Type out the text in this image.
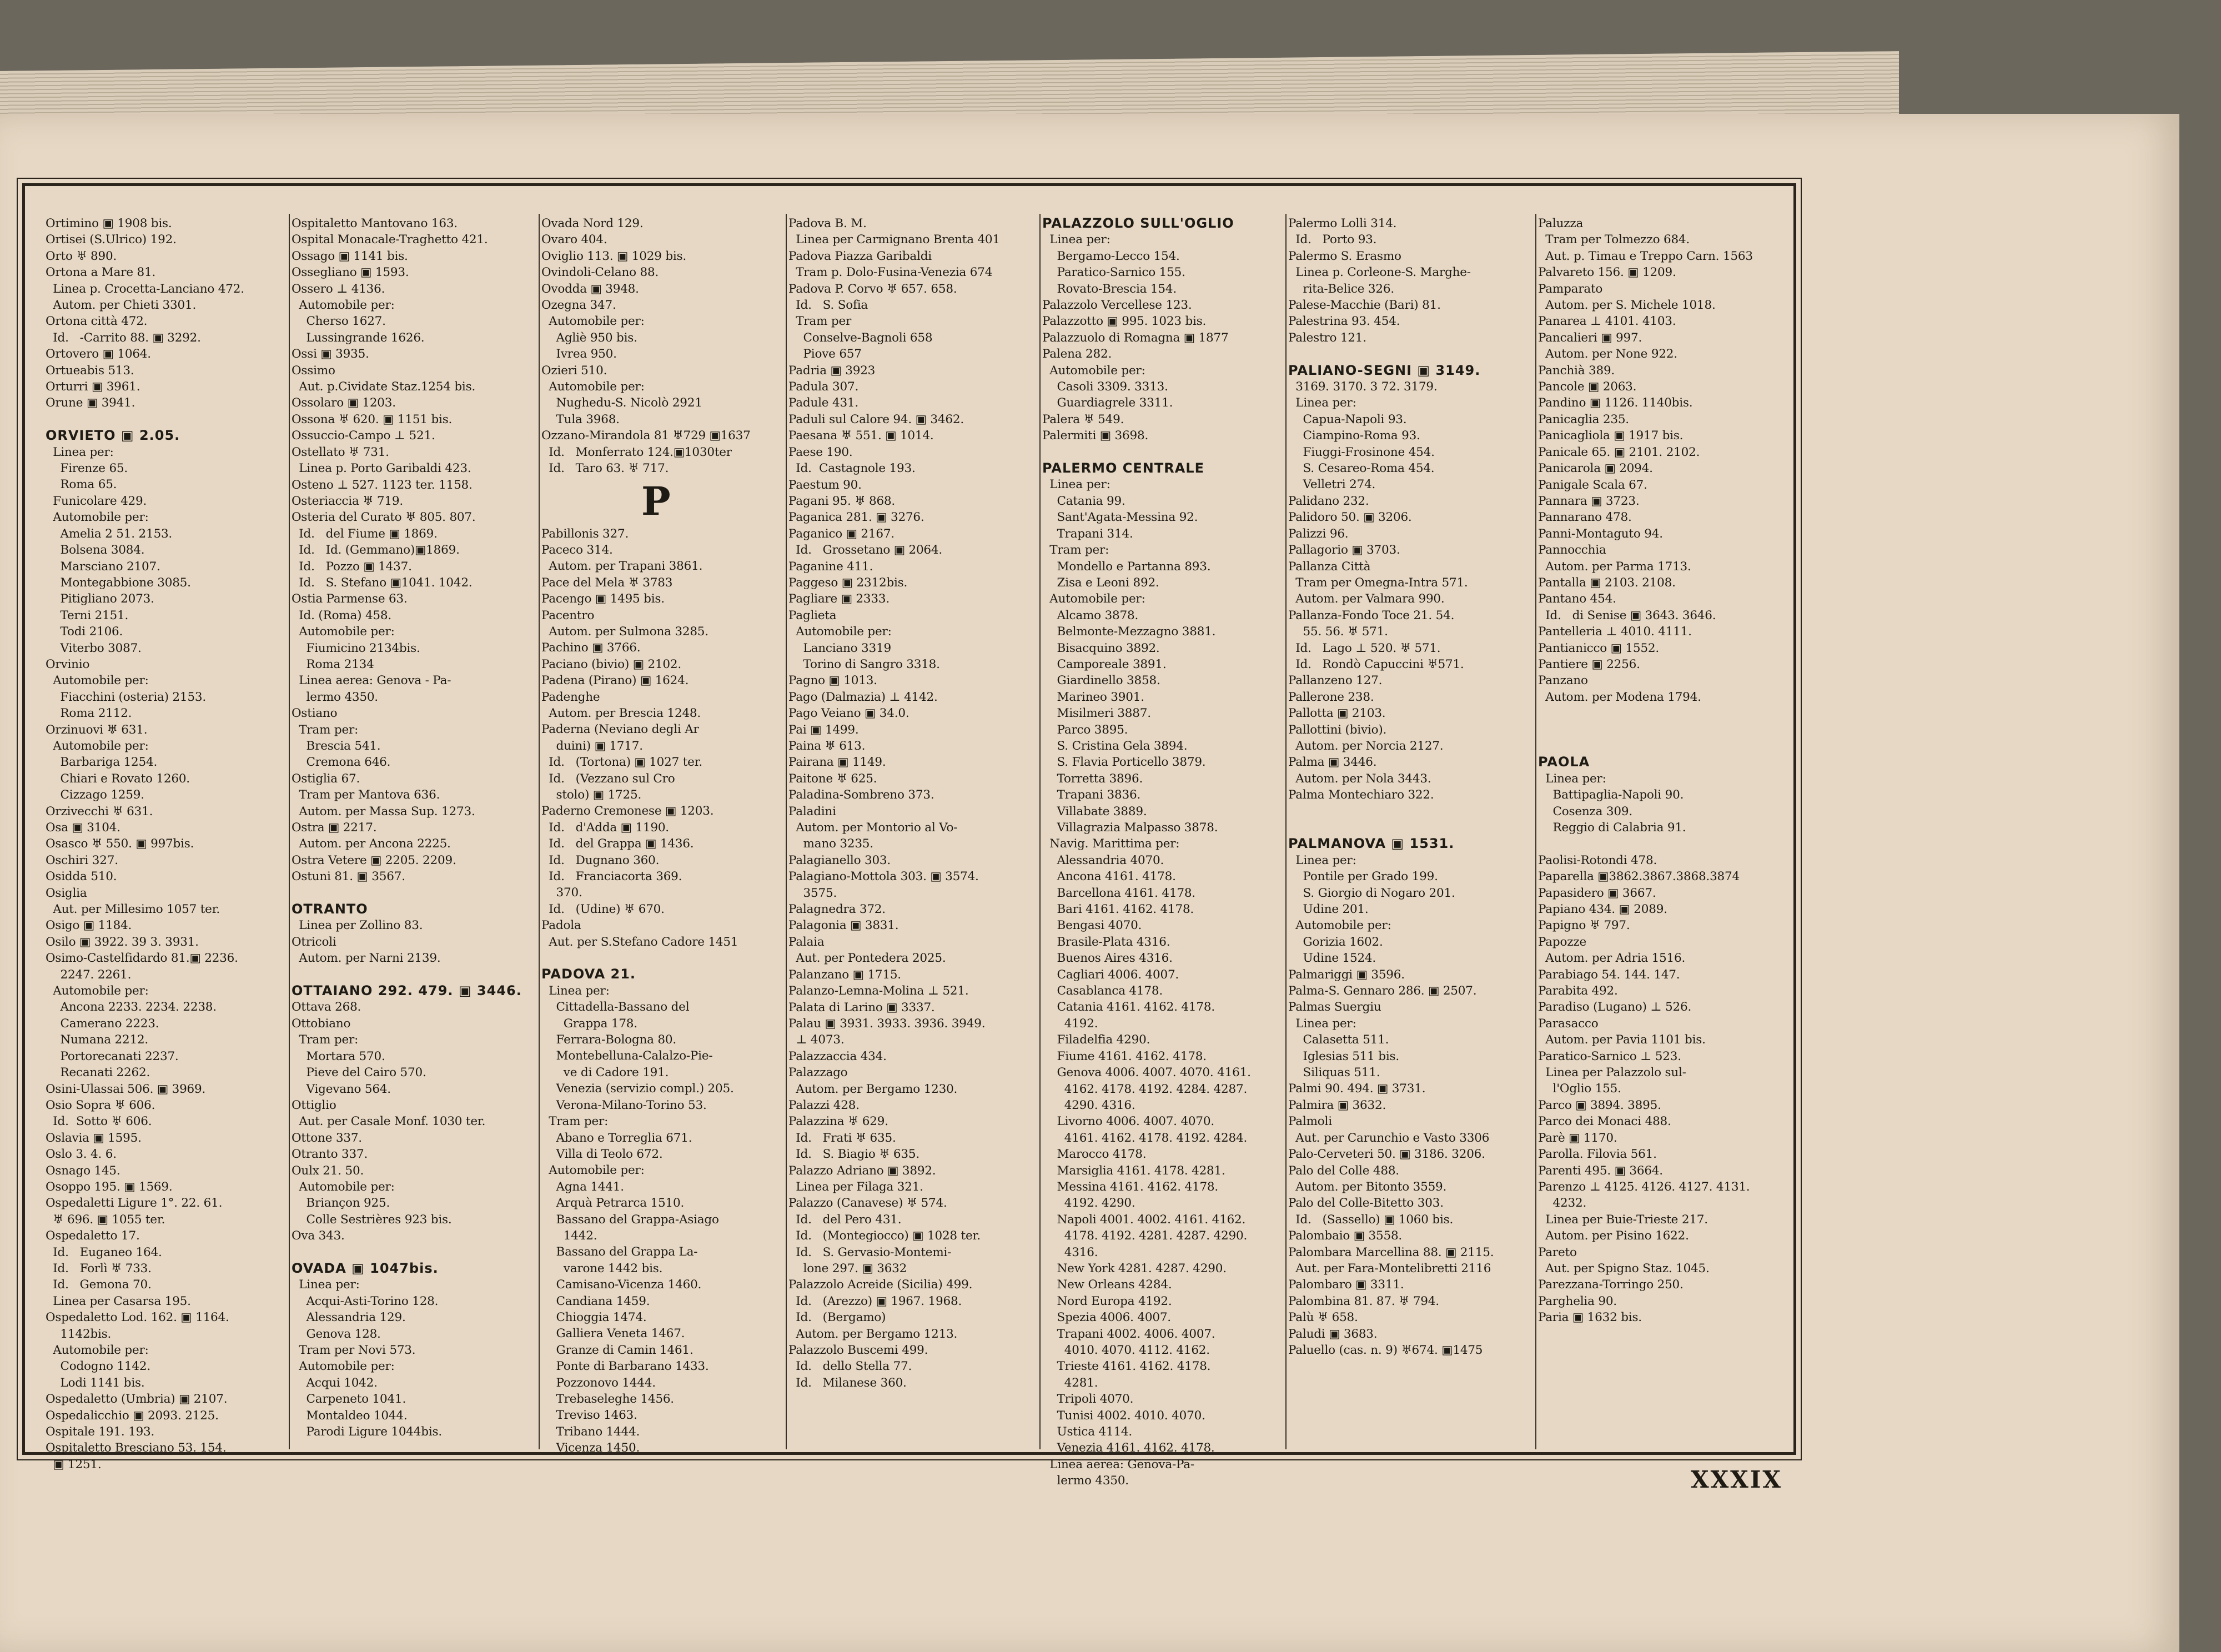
Ortimino ▣ 1908 bis.
Ortisei (S.Ulrico) 192.
Orto ♅ 890.
Ortona a Mare 81.
Linea p. Crocetta-Lanciano 472.
Autom. per Chieti 3301.
Ortona città 472.
Id.   -Carrito 88. ▣ 3292.
Ortovero ▣ 1064.
Ortueabis 513.
Orturri ▣ 3961.
Orune ▣ 3941.
ORVIETO ▣ 2.05.
Linea per:
Firenze 65.
Roma 65.
Funicolare 429.
Automobile per:
Amelia 2 51. 2153.
Bolsena 3084.
Marsciano 2107.
Montegabbione 3085.
Pitigliano 2073.
Terni 2151.
Todi 2106.
Viterbo 3087.
Orvinio
Automobile per:
Fiacchini (osteria) 2153.
Roma 2112.
Orzinuovi ♅ 631.
Automobile per:
Barbariga 1254.
Chiari e Rovato 1260.
Cizzago 1259.
Orzivecchi ♅ 631.
Osa ▣ 3104.
Osasco ♅ 550. ▣ 997bis.
Oschiri 327.
Osidda 510.
Osiglia
Aut. per Millesimo 1057 ter.
Osigo ▣ 1184.
Osilo ▣ 3922. 39 3. 3931.
Osimo-Castelfidardo 81.▣ 2236.
2247. 2261.
Automobile per:
Ancona 2233. 2234. 2238.
Camerano 2223.
Numana 2212.
Portorecanati 2237.
Recanati 2262.
Osini-Ulassai 506. ▣ 3969.
Osio Sopra ♅ 606.
Id.  Sotto ♅ 606.
Oslavia ▣ 1595.
Oslo 3. 4. 6.
Osnago 145.
Osoppo 195. ▣ 1569.
Ospedaletti Ligure 1°. 22. 61.
♅ 696. ▣ 1055 ter.
Ospedaletto 17.
Id.   Euganeo 164.
Id.   Forlì ♅ 733.
Id.   Gemona 70.
Linea per Casarsa 195.
Ospedaletto Lod. 162. ▣ 1164.
1142bis.
Automobile per:
Codogno 1142.
Lodi 1141 bis.
Ospedaletto (Umbria) ▣ 2107.
Ospedalicchio ▣ 2093. 2125.
Ospitale 191. 193.
Ospitaletto Bresciano 53. 154.
▣ 1251.
Ospitaletto Mantovano 163.
Ospital Monacale-Traghetto 421.
Ossago ▣ 1141 bis.
Osseglianо ▣ 1593.
Ossero ⊥ 4136.
Automobile per:
Cherso 1627.
Lussingrande 1626.
Ossi ▣ 3935.
Ossimo
Aut. p.Cividate Staz.1254 bis.
Ossolaro ▣ 1203.
Ossona ♅ 620. ▣ 1151 bis.
Ossuccio-Campo ⊥ 521.
Ostellato ♅ 731.
Linea p. Porto Garibaldi 423.
Osteno ⊥ 527. 1123 ter. 1158.
Osteriaccia ♅ 719.
Osteria del Curato ♅ 805. 807.
Id.   del Fiume ▣ 1869.
Id.   Id. (Gemmano)▣1869.
Id.   Pozzo ▣ 1437.
Id.   S. Stefano ▣1041. 1042.
Ostia Parmense 63.
Id. (Roma) 458.
Automobile per:
Fiumicino 2134bis.
Roma 2134
Linea aerea: Genova - Pa-
lermo 4350.
Ostiano
Tram per:
Brescia 541.
Cremona 646.
Ostiglia 67.
Tram per Mantova 636.
Autom. per Massa Sup. 1273.
Ostra ▣ 2217.
Autom. per Ancona 2225.
Ostra Vetere ▣ 2205. 2209.
Ostuni 81. ▣ 3567.
OTRANTO
Linea per Zollino 83.
Otricoli
Autom. per Narni 2139.
OTTAIANO 292. 479. ▣ 3446.
Ottava 268.
Ottobiano
Tram per:
Mortara 570.
Pieve del Cairo 570.
Vigevano 564.
Ottiglio
Aut. per Casale Monf. 1030 ter.
Ottone 337.
Otranto 337.
Oulx 21. 50.
Automobile per:
Briançon 925.
Colle Sestrières 923 bis.
Ova 343.
OVADA ▣ 1047bis.
Linea per:
Acqui-Asti-Torino 128.
Alessandria 129.
Genova 128.
Tram per Novi 573.
Automobile per:
Acqui 1042.
Carpeneto 1041.
Montaldeo 1044.
Parodi Ligure 1044bis.
Ovada Nord 129.
Ovaro 404.
Oviglio 113. ▣ 1029 bis.
Ovindoli-Celano 88.
Ovodda ▣ 3948.
Ozegna 347.
Automobile per:
Agliè 950 bis.
Ivrea 950.
Ozieri 510.
Automobile per:
Nughedu-S. Nicolò 2921
Tula 3968.
Ozzano-Mirandola 81 ♅729 ▣1637
Id.   Monferrato 124.▣1030ter
Id.   Taro 63. ♅ 717.
P
Pabillonis 327.
Paceco 314.
Autom. per Trapani 3861.
Pace del Mela ♅ 3783
Pacengo ▣ 1495 bis.
Pacentro
Autom. per Sulmona 3285.
Pachino ▣ 3766.
Paciano (bivio) ▣ 2102.
Padena (Pirano) ▣ 1624.
Padenghe
Autom. per Brescia 1248.
Paderna (Neviano degli Ar
duini) ▣ 1717.
Id.   (Tortona) ▣ 1027 ter.
Id.   (Vezzano sul Cro
stolo) ▣ 1725.
Paderno Cremonese ▣ 1203.
Id.   d'Adda ▣ 1190.
Id.   del Grappa ▣ 1436.
Id.   Dugnano 360.
Id.   Franciacorta 369.
370.
Id.   (Udine) ♅ 670.
Padola
Aut. per S.Stefano Cadore 1451
PADOVA 21.
Linea per:
Cittadella-Bassano del
Grappa 178.
Ferrara-Bologna 80.
Montebelluna-Calalzo-Pie-
ve di Cadore 191.
Venezia (servizio compl.) 205.
Verona-Milano-Torino 53.
Tram per:
Abano e Torreglia 671.
Villa di Teolo 672.
Automobile per:
Agna 1441.
Arquà Petrarca 1510.
Bassano del Grappa-Asiago
1442.
Bassano del Grappa La-
varone 1442 bis.
Camisano-Vicenza 1460.
Candiana 1459.
Chioggia 1474.
Galliera Veneta 1467.
Granze di Camin 1461.
Ponte di Barbarano 1433.
Pozzonovo 1444.
Trebaseleghe 1456.
Treviso 1463.
Tribano 1444.
Vicenza 1450.
Padova B. M.
Linea per Carmignano Brenta 401
Padova Piazza Garibaldi
Tram p. Dolo-Fusina-Venezia 674
Padova P. Corvo ♅ 657. 658.
Id.   S. Sofia
Tram per
Conselve-Bagnoli 658
Piove 657
Padria ▣ 3923
Padula 307.
Padule 431.
Paduli sul Calore 94. ▣ 3462.
Paesana ♅ 551. ▣ 1014.
Paese 190.
Id.  Castagnole 193.
Paestum 90.
Pagani 95. ♅ 868.
Paganica 281. ▣ 3276.
Paganico ▣ 2167.
Id.   Grossetano ▣ 2064.
Paganine 411.
Paggeso ▣ 2312bis.
Pagliare ▣ 2333.
Paglieta
Automobile per:
Lanciano 3319
Torino di Sangro 3318.
Pagno ▣ 1013.
Pago (Dalmazia) ⊥ 4142.
Pago Veiano ▣ 34.0.
Pai ▣ 1499.
Paina ♅ 613.
Pairana ▣ 1149.
Paitone ♅ 625.
Paladina-Sombreno 373.
Paladini
Autom. per Montorio al Vo-
mano 3235.
Palagianello 303.
Palagiano-Mottola 303. ▣ 3574.
3575.
Palagnedra 372.
Palagonia ▣ 3831.
Palaia
Aut. per Pontedera 2025.
Palanzano ▣ 1715.
Palanzo-Lemna-Molina ⊥ 521.
Palata di Larino ▣ 3337.
Palau ▣ 3931. 3933. 3936. 3949.
⊥ 4073.
Palazzaccia 434.
Palazzago
Autom. per Bergamo 1230.
Palazzi 428.
Palazzina ♅ 629.
Id.   Frati ♅ 635.
Id.   S. Biagio ♅ 635.
Palazzo Adriano ▣ 3892.
Linea per Filaga 321.
Palazzo (Canavese) ♅ 574.
Id.   del Pero 431.
Id.   (Montegiocco) ▣ 1028 ter.
Id.   S. Gervasio-Montemi-
lone 297. ▣ 3632
Palazzolo Acreide (Sicilia) 499.
Id.   (Arezzo) ▣ 1967. 1968.
Id.   (Bergamo)
Autom. per Bergamo 1213.
Palazzolo Buscemi 499.
Id.   dello Stella 77.
Id.   Milanese 360.
PALAZZOLO SULL'OGLIO
Linea per:
Bergamo-Lecco 154.
Paratico-Sarnico 155.
Rovato-Brescia 154.
Palazzolo Vercellese 123.
Palazzotto ▣ 995. 1023 bis.
Palazzuolo di Romagna ▣ 1877
Palena 282.
Automobile per:
Casoli 3309. 3313.
Guardiagrele 3311.
Palera ♅ 549.
Palermiti ▣ 3698.
PALERMO CENTRALE
Linea per:
Catania 99.
Sant'Agata-Messina 92.
Trapani 314.
Tram per:
Mondello e Partanna 893.
Zisa e Leoni 892.
Automobile per:
Alcamo 3878.
Belmonte-Mezzagno 3881.
Bisacquino 3892.
Camporeale 3891.
Giardinello 3858.
Marineo 3901.
Misilmeri 3887.
Parco 3895.
S. Cristina Gela 3894.
S. Flavia Porticello 3879.
Torretta 3896.
Trapani 3836.
Villabate 3889.
Villagrazia Malpasso 3878.
Navig. Marittima per:
Alessandria 4070.
Ancona 4161. 4178.
Barcellona 4161. 4178.
Bari 4161. 4162. 4178.
Bengasi 4070.
Brasile-Plata 4316.
Buenos Aires 4316.
Cagliari 4006. 4007.
Casablanca 4178.
Catania 4161. 4162. 4178.
4192.
Filadelfia 4290.
Fiume 4161. 4162. 4178.
Genova 4006. 4007. 4070. 4161.
4162. 4178. 4192. 4284. 4287.
4290. 4316.
Livorno 4006. 4007. 4070.
4161. 4162. 4178. 4192. 4284.
Marocco 4178.
Marsiglia 4161. 4178. 4281.
Messina 4161. 4162. 4178.
4192. 4290.
Napoli 4001. 4002. 4161. 4162.
4178. 4192. 4281. 4287. 4290.
4316.
New York 4281. 4287. 4290.
New Orleans 4284.
Nord Europa 4192.
Spezia 4006. 4007.
Trapani 4002. 4006. 4007.
4010. 4070. 4112. 4162.
Trieste 4161. 4162. 4178.
4281.
Tripoli 4070.
Tunisi 4002. 4010. 4070.
Ustica 4114.
Venezia 4161. 4162. 4178.
Linea aerea: Genova-Pa-
lermo 4350.
Palermo Lolli 314.
Id.   Porto 93.
Palermo S. Erasmo
Linea p. Corleone-S. Marghe-
rita-Belice 326.
Palese-Macchie (Bari) 81.
Palestrina 93. 454.
Palestro 121.
PALIANO-SEGNI ▣ 3149.
3169. 3170. 3 72. 3179.
Linea per:
Capua-Napoli 93.
Ciampino-Roma 93.
Fiuggi-Frosinone 454.
S. Cesareo-Roma 454.
Velletri 274.
Palidano 232.
Palidoro 50. ▣ 3206.
Palizzi 96.
Pallagorio ▣ 3703.
Pallanza Città
Tram per Omegna-Intra 571.
Autom. per Valmara 990.
Pallanza-Fondo Toce 21. 54.
55. 56. ♅ 571.
Id.   Lago ⊥ 520. ♅ 571.
Id.   Rondò Capuccini ♅571.
Pallanzeno 127.
Pallerone 238.
Pallotta ▣ 2103.
Pallottini (bivio).
Autom. per Norcia 2127.
Palma ▣ 3446.
Autom. per Nola 3443.
Palma Montechiaro 322.
PALMANOVA ▣ 1531.
Linea per:
Pontile per Grado 199.
S. Giorgio di Nogaro 201.
Udine 201.
Automobile per:
Gorizia 1602.
Udine 1524.
Palmariggi ▣ 3596.
Palma-S. Gennaro 286. ▣ 2507.
Palmas Suergiu
Linea per:
Calasetta 511.
Iglesias 511 bis.
Siliquas 511.
Palmi 90. 494. ▣ 3731.
Palmira ▣ 3632.
Palmoli
Aut. per Carunchio e Vasto 3306
Palo-Cerveteri 50. ▣ 3186. 3206.
Palo del Colle 488.
Autom. per Bitonto 3559.
Palo del Colle-Bitetto 303.
Id.   (Sassello) ▣ 1060 bis.
Palombaio ▣ 3558.
Palombara Marcellina 88. ▣ 2115.
Aut. per Fara-Montelibretti 2116
Palombaro ▣ 3311.
Palombina 81. 87. ♅ 794.
Palù ♅ 658.
Paludi ▣ 3683.
Paluello (cas. n. 9) ♅674. ▣1475
Paluzza
Tram per Tolmezzo 684.
Aut. p. Timau e Treppo Carn. 1563
Palvareto 156. ▣ 1209.
Pamparato
Autom. per S. Michele 1018.
Panarea ⊥ 4101. 4103.
Pancalieri ▣ 997.
Autom. per None 922.
Panchià 389.
Pancole ▣ 2063.
Pandino ▣ 1126. 1140bis.
Panicaglia 235.
Panicagliola ▣ 1917 bis.
Panicale 65. ▣ 2101. 2102.
Panicarola ▣ 2094.
Panigale Scala 67.
Pannara ▣ 3723.
Pannarano 478.
Panni-Montaguto 94.
Pannocchia
Autom. per Parma 1713.
Pantalla ▣ 2103. 2108.
Pantano 454.
Id.   di Senise ▣ 3643. 3646.
Pantelleria ⊥ 4010. 4111.
Pantianicco ▣ 1552.
Pantiere ▣ 2256.
Panzano
Autom. per Modena 1794.
PAOLA
Linea per:
Battipaglia-Napoli 90.
Cosenza 309.
Reggio di Calabria 91.
Paolisi-Rotondi 478.
Paparella ▣3862.3867.3868.3874
Papasidero ▣ 3667.
Papiano 434. ▣ 2089.
Papigno ♅ 797.
Papozze
Autom. per Adria 1516.
Parabiago 54. 144. 147.
Parabita 492.
Paradiso (Lugano) ⊥ 526.
Parasacco
Autom. per Pavia 1101 bis.
Paratico-Sarnico ⊥ 523.
Linea per Palazzolo sul-
l'Oglio 155.
Parco ▣ 3894. 3895.
Parco dei Monaci 488.
Parè ▣ 1170.
Parolla. Filovia 561.
Parenti 495. ▣ 3664.
Parenzo ⊥ 4125. 4126. 4127. 4131.
4232.
Linea per Buie-Trieste 217.
Autom. per Pisino 1622.
Pareto
Aut. per Spigno Staz. 1045.
Parezzana-Torringo 250.
Parghelia 90.
Paria ▣ 1632 bis.
XXXIX
